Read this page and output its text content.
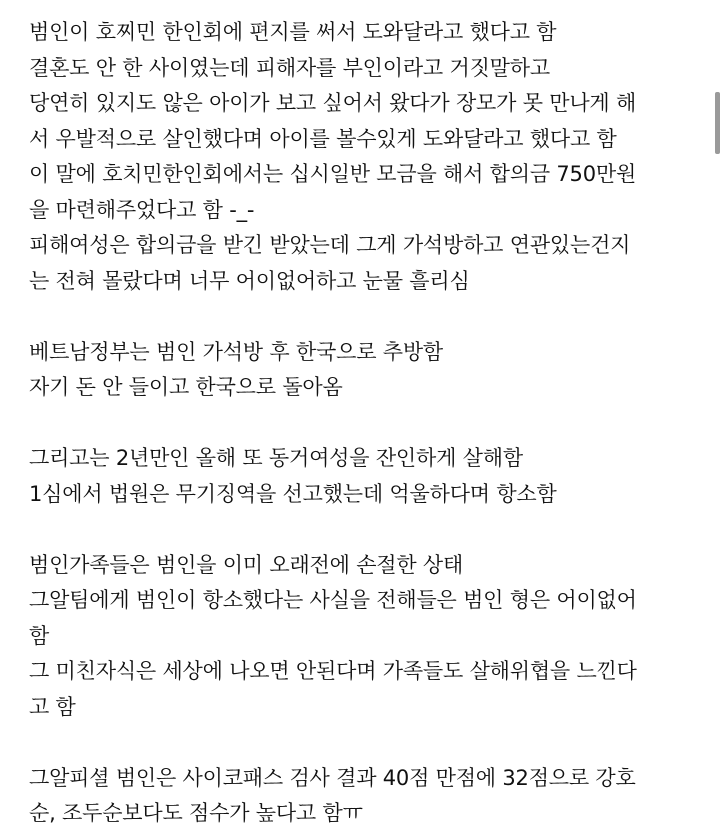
범인이 호찌민 한인회에 편지를 써서 도와달라고 했다고 함
결혼도 안 한 사이였는데 피해자를 부인이라고 거짓말하고
당연히 있지도 않은 아이가 보고 싶어서 왔다가 장모가 못 만나게 해
서 우발적으로 살인했다며 아이를 볼수있게 도와달라고 했다고 함
이 말에 호치민한인회에서는 십시일반 모금을 해서 합의금 750만원
을 마련해주었다고 함 -_-
피해여성은 합의금을 받긴 받았는데 그게 가석방하고 연관있는건지
는 전혀 몰랐다며 너무 어이없어하고 눈물 흘리심
베트남정부는 범인 가석방 후 한국으로 추방함
자기 돈 안 들이고 한국으로 돌아옴
그리고는 2년만인 올해 또 동거여성을 잔인하게 살해함
1심에서 법원은 무기징역을 선고했는데 억울하다며 항소함
범인가족들은 범인을 이미 오래전에 손절한 상태
그알팀에게 범인이 항소했다는 사실을 전해들은 범인 형은 어이없어
함
그 미친자식은 세상에 나오면 안된다며 가족들도 살해위협을 느낀다
고 함
그알피셜 범인은 사이코패스 검사 결과 40점 만점에 32점으로 강호
순, 조두순보다도 점수가 높다고 함ㅠ
